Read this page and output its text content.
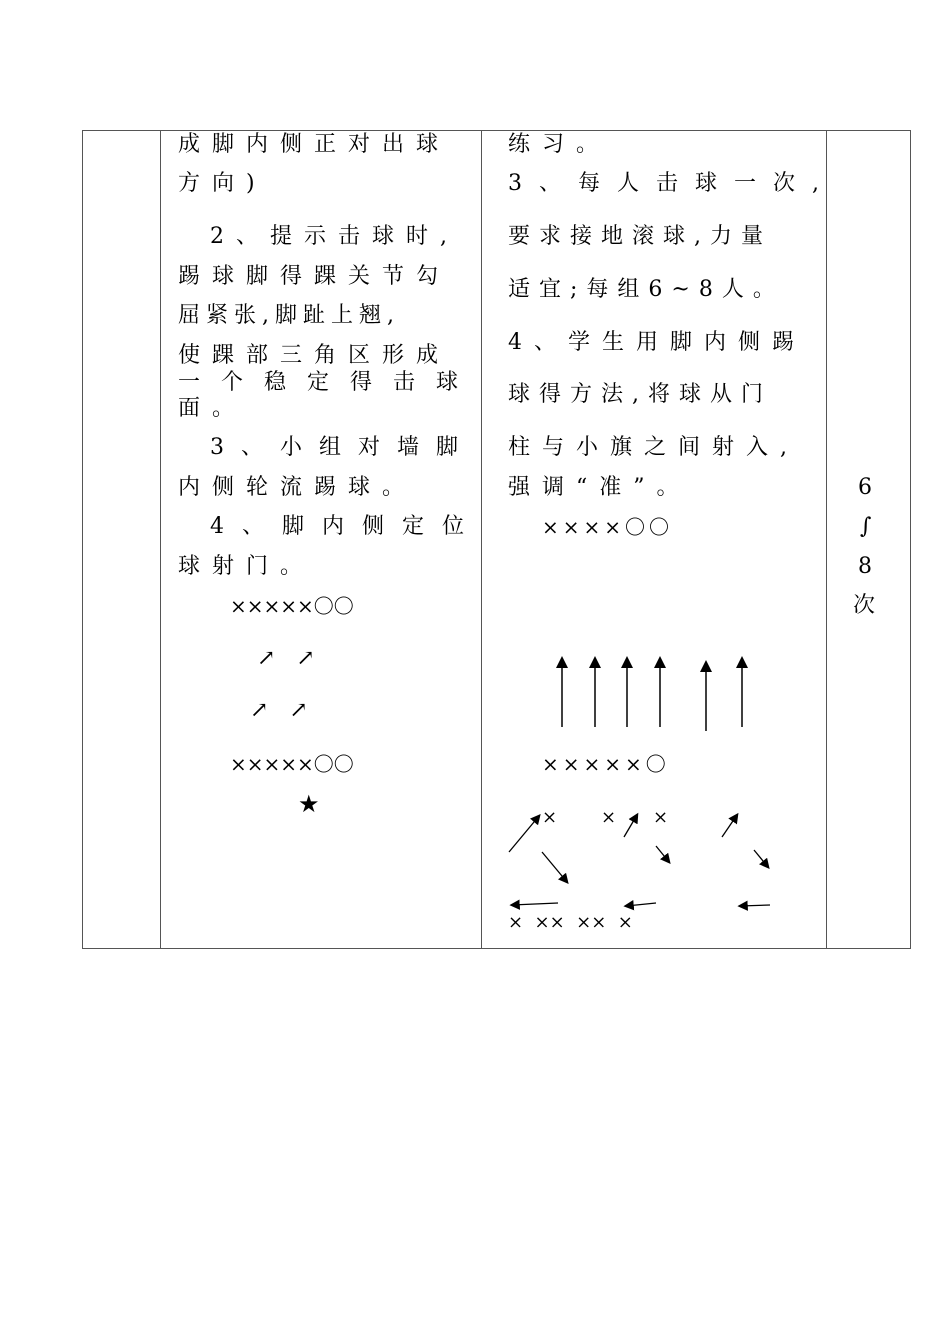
成脚内侧正对出球
方向)
2、提示击球时,
踢球脚得踝关节勾
屈紧张,脚趾上翘,
使踝部三角区形成
一个稳定得击球
面。
3、小组对墙脚
内侧轮流踢球。
4、脚内侧定位
球射门。
×××××〇〇
↗   ↗
↗   ↗
×××××〇〇
★
练习。
3、每人击球一次,
要求接地滚球,力量
适宜;每组6~8人。
4、学生用脚内侧踢
球得方法,将球从门
柱与小旗之间射入,
强调“准”。
××××〇〇
×××××〇
× × ×
×  ××  ××  ×
6
∫
8
次
